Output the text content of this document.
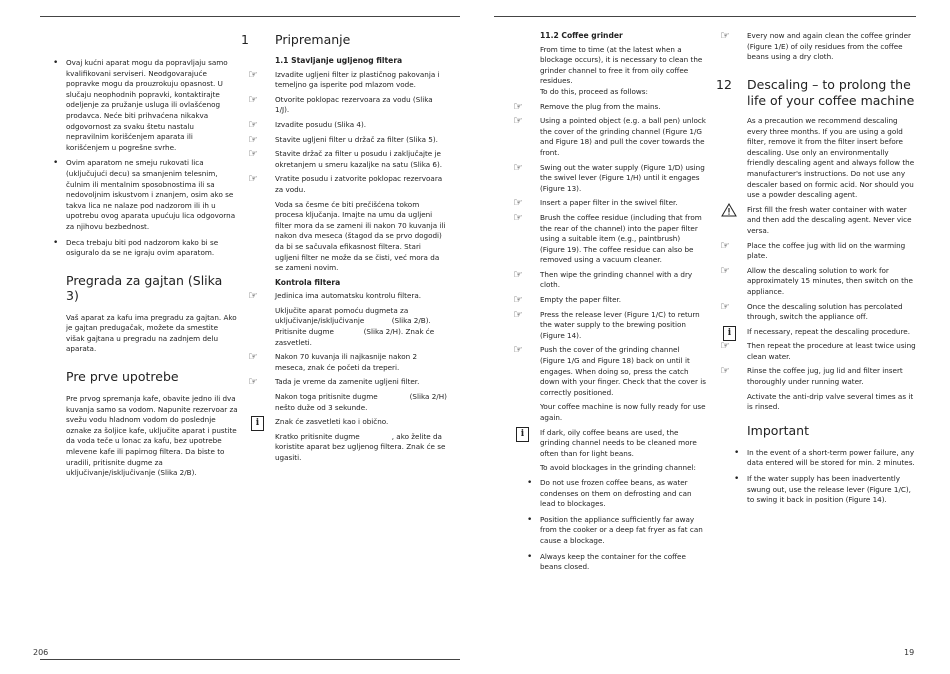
• Ovaj kućni aparat mogu da popravljaju samo kvalifikovani serviseri. Neodgovarajuće popravke mogu da prouzrokuju opasnost. U slučaju neophodnih popravki, kontaktirajte odeljenje za pružanje usluga ili ovlašćenog prodavca. Neće biti prihvaćena nikakva odgovornost za svaku štetu nastalu nepravilnim korišćenjem aparata ili korišćenjem u pogrešne svrhe.
• Ovim aparatom ne smeju rukovati lica (uključujući decu) sa smanjenim telesnim, čulnim ili mentalnim sposobnostima ili sa nedovoljnim iskustvom i znanjem, osim ako se takva lica ne nalaze pod nadzorom ili ih u upotrebu ovog aparata upućuju lica odgovorna za njihovu bezbednost.
• Deca trebaju biti pod nadzorom kako bi se osiguralo da se ne igraju ovim aparatom.
Pregrada za gajtan (Slika 3)

Vaš aparat za kafu ima pregradu za gajtan. Ako je gajtan predugačak, možete da smestite višak gajtana u pregradu na zadnjem delu aparata.

Pre prve upotrebe

Pre prvog spremanja kafe, obavite jedno ili dva kuvanja samo sa vodom. Napunite rezervoar za svežu vodu hladnom vodom do poslednje oznake za šoljice kafe, uključite aparat i pustite da voda teče u lonac za kafu, bez upotrebe mlevene kafe ili papirnog filtera. Da biste to uradili, pritisnite dugme za uključivanje/isključivanje (Slika 2/B).

1 Pripremanje
1.1 Stavljanje ugljenog filtera
☞	Izvadite ugljeni filter iz plastičnog pakovanja i temeljno ga isperite pod mlazom vode.
☞	Otvorite poklopac rezervoara za vodu (Slika 1/J).
☞	Izvadite posudu (Slika 4).
☞	Stavite ugljeni filter u držač za filter (Slika 5).
☞	Stavite držač za filter u posudu i zaključajte je okretanjem u smeru kazaljke na satu (Slika 6).
☞	Vratite posudu i zatvorite poklopac rezervoara za vodu.

Voda sa česme će biti prečišćena tokom procesa ključanja. Imajte na umu da ugljeni filter mora da se zameni ili nakon 70 kuvanja ili nakon dva meseca (štagod da se prvo dogodi) da bi se sačuvala efikasnost filtera. Stari ugljeni filter ne može da se čisti, već mora da se zameni novim.

Kontrola filtera
☞	Jedinica ima automatsku kontrolu filtera.

Uključite aparat pomoću dugmeta za uključivanje/isključivanje            (Slika 2/B). Pritisnite dugme             (Slika 2/H). Znak će zasvetleti.

☞	Nakon 70 kuvanja ili najkasnije nakon 2 meseca, znak će početi da treperi.
☞	Tada je vreme da zamenite ugljeni filter.

Nakon toga pritisnite dugme              (Slika 2/H) nešto duže od 3 sekunde.

i	Znak će zasvetleti kao i obično.

Kratko pritisnite dugme              , ako želite da koristite aparat bez ugljenog filtera. Znak će se ugasiti.

206
11.2 Coffee grinder

From time to time (at the latest when a blockage occurs), it is necessary to clean the grinder channel to free it from oily coffee residues.
To do this, proceed as follows:

☞	Remove the plug from the mains.
☞	Using a pointed object (e.g. a ball pen) unlock the cover of the grinding channel (Figure 1/G and Figure 18) and pull the cover towards the front.
☞	Swing out the water supply (Figure 1/D) using the swivel lever (Figure 1/H) until it engages (Figure 13).
☞	Insert a paper filter in the swivel filter.
☞	Brush the coffee residue (including that from the rear of the channel) into the paper filter using a suitable item (e.g., paintbrush) (Figure 19). The coffee residue can also be removed using a vacuum cleaner.
☞	Then wipe the grinding channel with a dry cloth.
☞	Empty the paper filter.
☞	Press the release lever (Figure 1/C) to return the water supply to the brewing position (Figure 14).
☞	Push the cover of the grinding channel (Figure 1/G and Figure 18) back on until it engages. When doing so, press the catch down with your finger. Check that the cover is correctly positioned.

Your coffee machine is now fully ready for use again.

i	If dark, oily coffee beans are used, the grinding channel needs to be cleaned more often than for light beans.

To avoid blockages in the grinding channel:

• Do not use frozen coffee beans, as water condenses on them on defrosting and can lead to blockages.
• Position the appliance sufficiently far away from the cooker or a deep fat fryer as fat can cause a blockage.
• Always keep the container for the coffee beans closed.
☞	Every now and again clean the coffee grinder (Figure 1/E) of oily residues from the coffee beans using a dry cloth.
12 Descaling – to prolong the life of your coffee machine

As a precaution we recommend descaling every three months. If you are using a gold filter, remove it from the filter insert before descaling. Use only an environmentally friendly descaling agent and always follow the manufacturer's instructions. Do not use any descaler based on formic acid. Nor should you use a powder descaling agent.

First fill the fresh water container with water and then add the descaling agent. Never vice versa.
☞	Place the coffee jug with lid on the warming plate.
☞	Allow the descaling solution to work for approximately 15 minutes, then switch on the appliance.
☞	Once the descaling solution has percolated through, switch the appliance off.
i	If necessary, repeat the descaling procedure.
☞	Then repeat the procedure at least twice using clean water.
☞	Rinse the coffee jug, jug lid and filter insert thoroughly under running water.

Activate the anti-drip valve several times as it is rinsed.

Important
• In the event of a short-term power failure, any data entered will be stored for min. 2 minutes.
• If the water supply has been inadvertently swung out, use the release lever (Figure 1/C), to swing it back in position (Figure 14).
19
